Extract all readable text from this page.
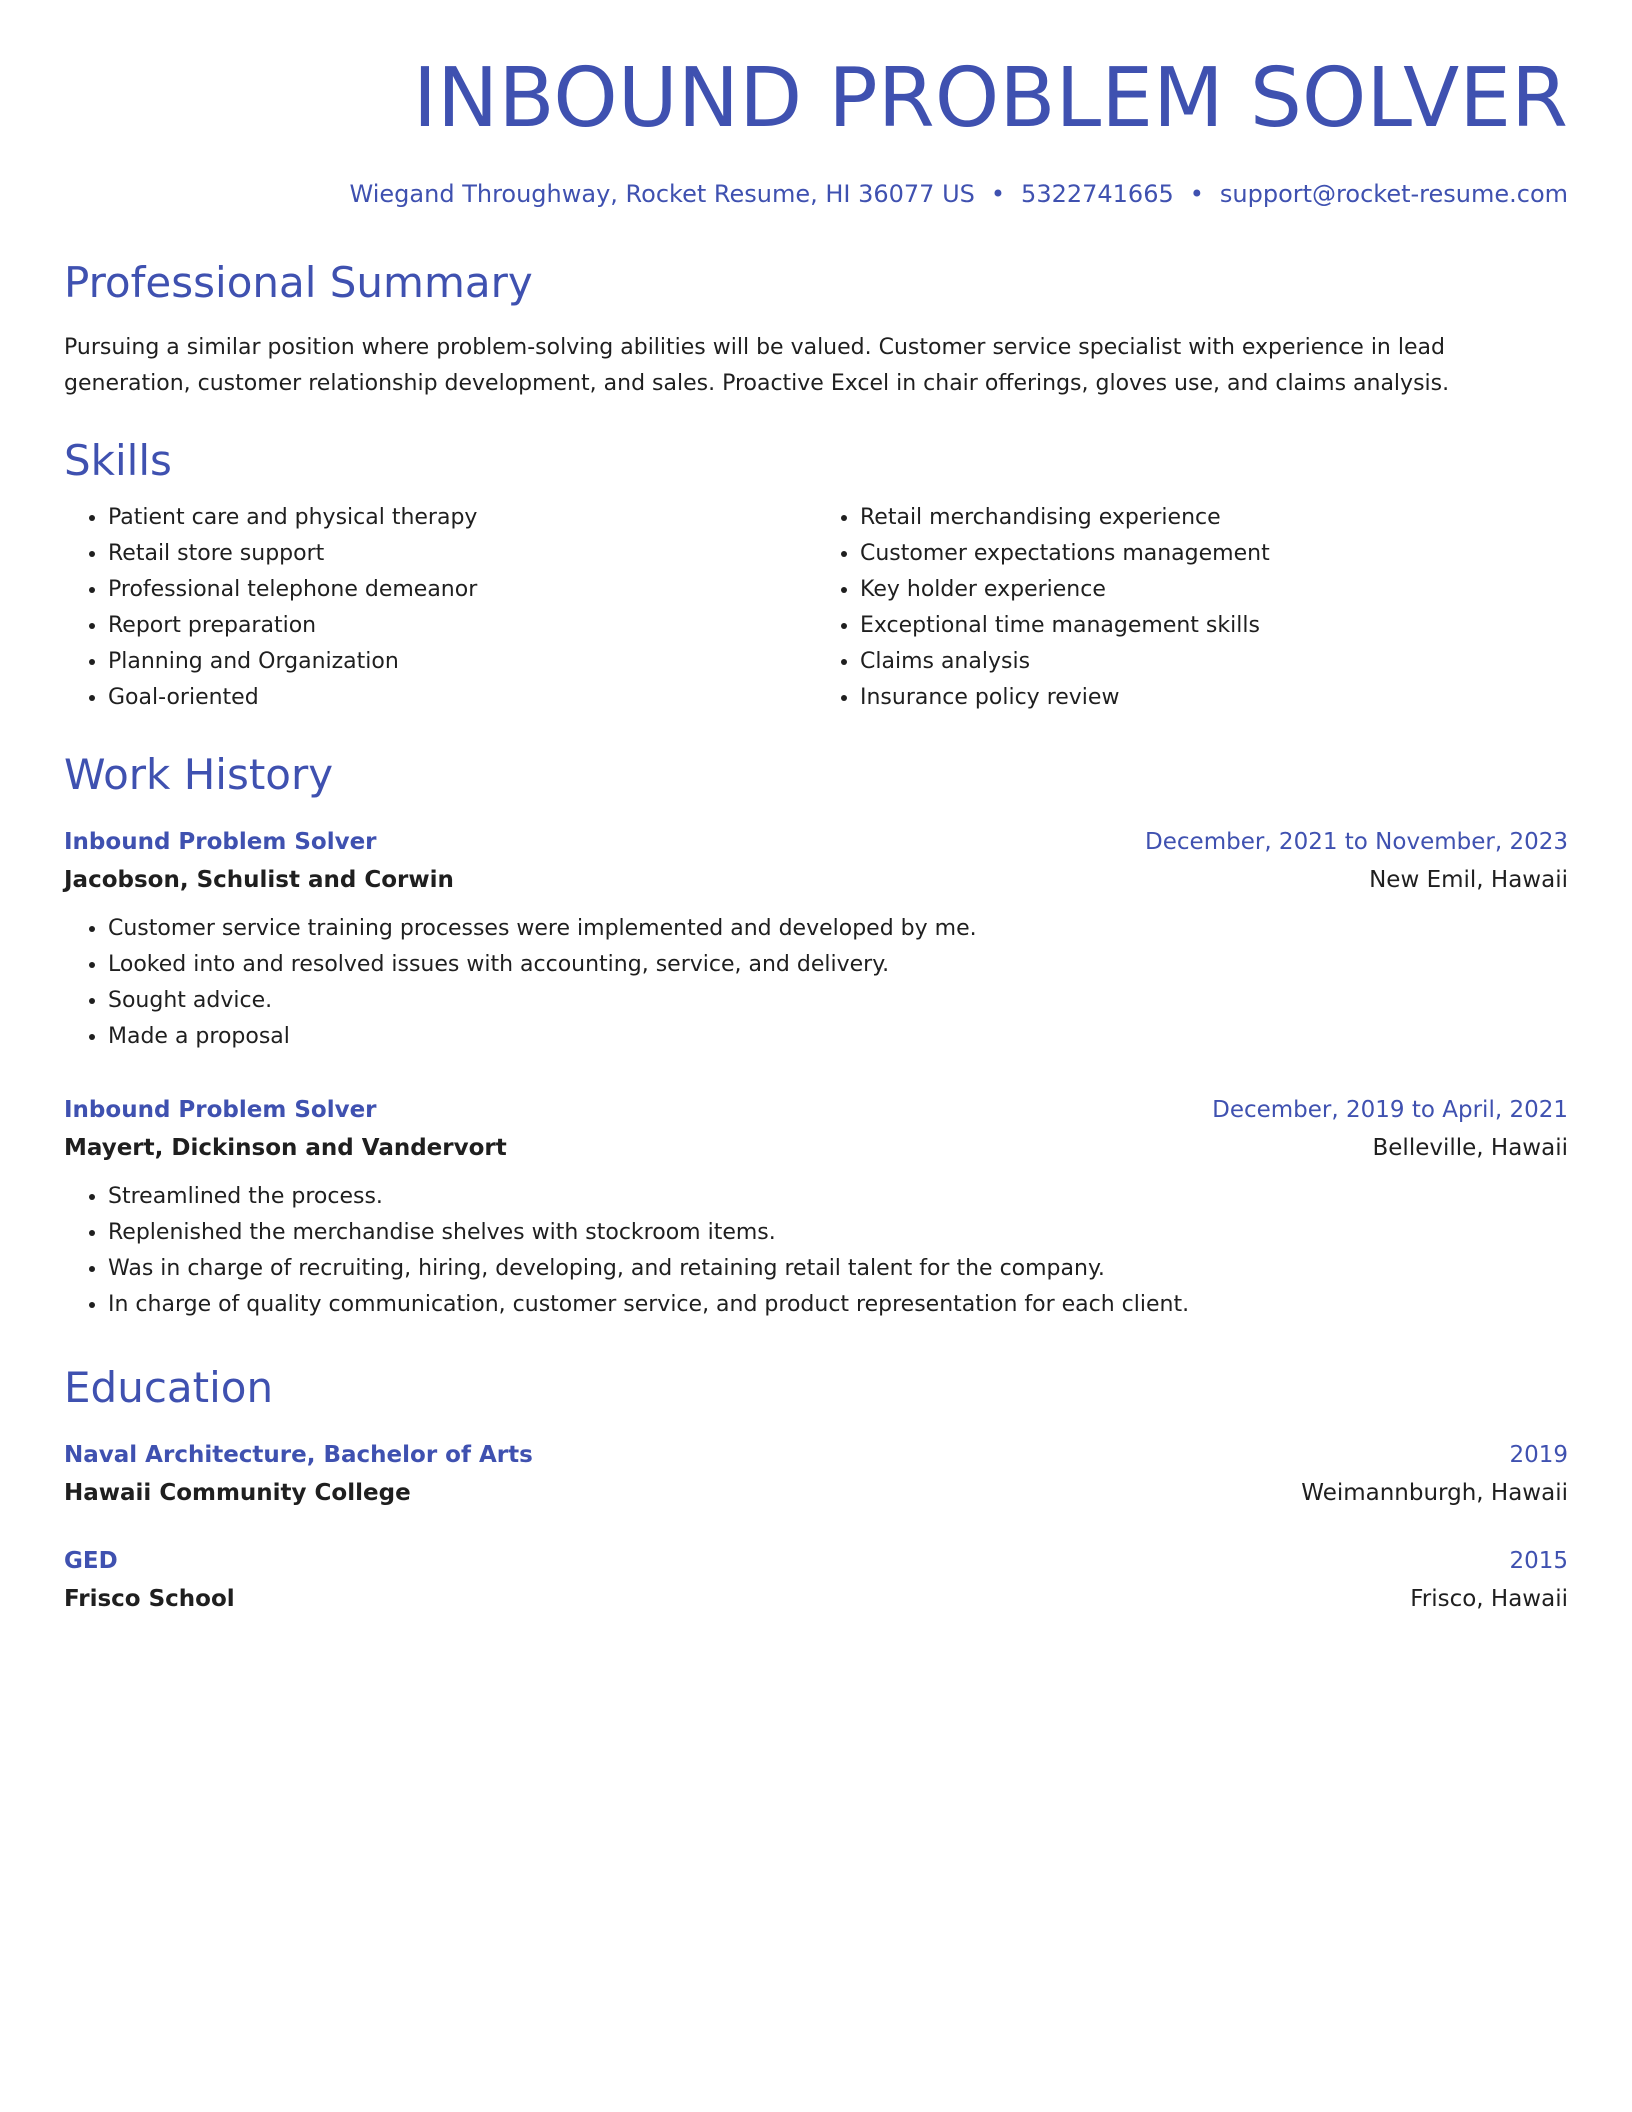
INBOUND PROBLEM SOLVER
Wiegand Throughway, Rocket Resume, HI 36077 US • 5322741665 • support@rocket-resume.com
Professional Summary
Pursuing a similar position where problem-solving abilities will be valued. Customer service specialist with experience in lead generation, customer relationship development, and sales. Proactive Excel in chair offerings, gloves use, and claims analysis.
Skills
• Patient care and physical therapy
• Retail store support
• Professional telephone demeanor
• Report preparation
• Planning and Organization
• Goal-oriented
• Retail merchandising experience
• Customer expectations management
• Key holder experience
• Exceptional time management skills
• Claims analysis
• Insurance policy review
Work History
Inbound Problem Solver	December, 2021 to November, 2023
Jacobson, Schulist and Corwin	New Emil, Hawaii
• Customer service training processes were implemented and developed by me.
• Looked into and resolved issues with accounting, service, and delivery.
• Sought advice.
• Made a proposal
Inbound Problem Solver	December, 2019 to April, 2021
Mayert, Dickinson and Vandervort	Belleville, Hawaii
• Streamlined the process.
• Replenished the merchandise shelves with stockroom items.
• Was in charge of recruiting, hiring, developing, and retaining retail talent for the company.
• In charge of quality communication, customer service, and product representation for each client.
Education
Naval Architecture, Bachelor of Arts	2019
Hawaii Community College	Weimannburgh, Hawaii
GED	2015
Frisco School	Frisco, Hawaii
